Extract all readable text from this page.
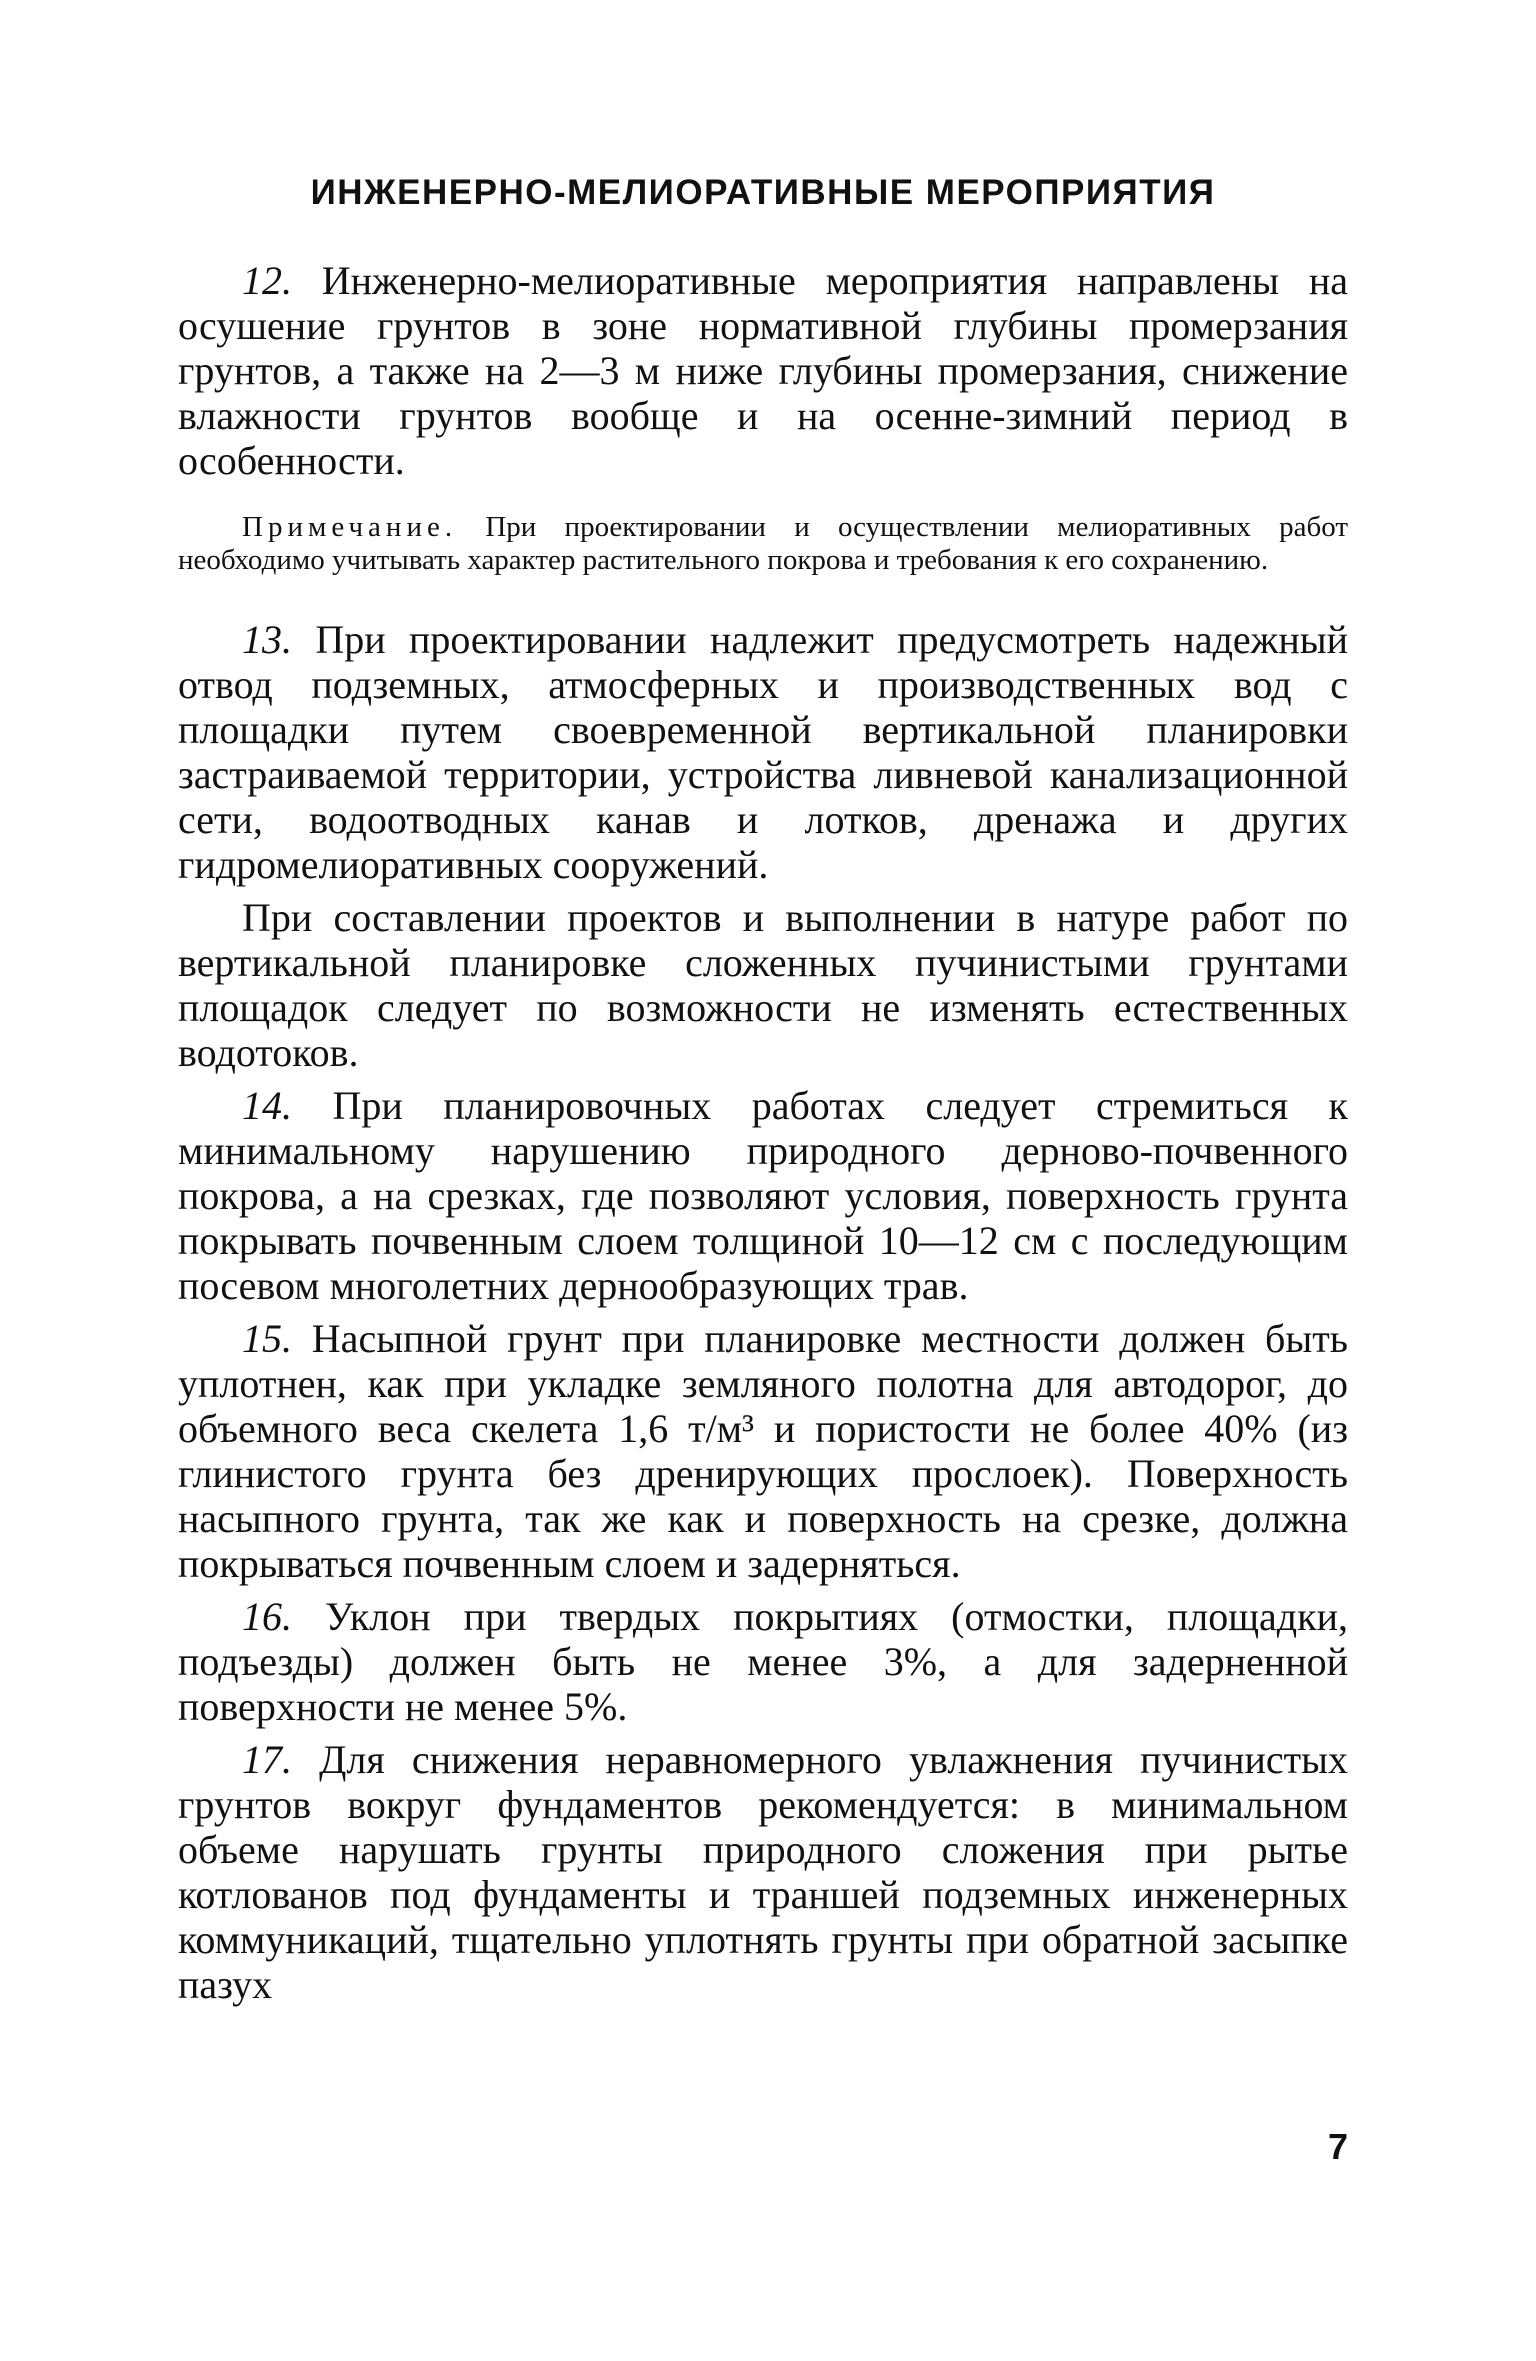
ИНЖЕНЕРНО-МЕЛИОРАТИВНЫЕ МЕРОПРИЯТИЯ

12. Инженерно-мелиоративные мероприятия направлены на осушение грунтов в зоне нормативной глубины промерзания грунтов, а также на 2—3 м ниже глубины промерзания, снижение влажности грунтов вообще и на осенне-зимний период в особенности.

Примечание. При проектировании и осуществлении мелиоративных работ необходимо учитывать характер растительного покрова и требования к его сохранению.

13. При проектировании надлежит предусмотреть надежный отвод подземных, атмосферных и производственных вод с площадки путем своевременной вертикальной планировки застраиваемой территории, устройства ливневой канализационной сети, водоотводных канав и лотков, дренажа и других гидромелиоративных сооружений.

При составлении проектов и выполнении в натуре работ по вертикальной планировке сложенных пучинистыми грунтами площадок следует по возможности не изменять естественных водотоков.

14. При планировочных работах следует стремиться к минимальному нарушению природного дерново-почвенного покрова, а на срезках, где позволяют условия, поверхность грунта покрывать почвенным слоем толщиной 10—12 см с последующим посевом многолетних дернообразующих трав.

15. Насыпной грунт при планировке местности должен быть уплотнен, как при укладке земляного полотна для автодорог, до объемного веса скелета 1,6 т/м³ и пористости не более 40% (из глинистого грунта без дренирующих прослоек). Поверхность насыпного грунта, так же как и поверхность на срезке, должна покрываться почвенным слоем и задерняться.

16. Уклон при твердых покрытиях (отмостки, площадки, подъезды) должен быть не менее 3%, а для задерненной поверхности не менее 5%.

17. Для снижения неравномерного увлажнения пучинистых грунтов вокруг фундаментов рекомендуется: в минимальном объеме нарушать грунты природного сложения при рытье котлованов под фундаменты и траншей подземных инженерных коммуникаций, тщательно уплотнять грунты при обратной засыпке пазух

7
